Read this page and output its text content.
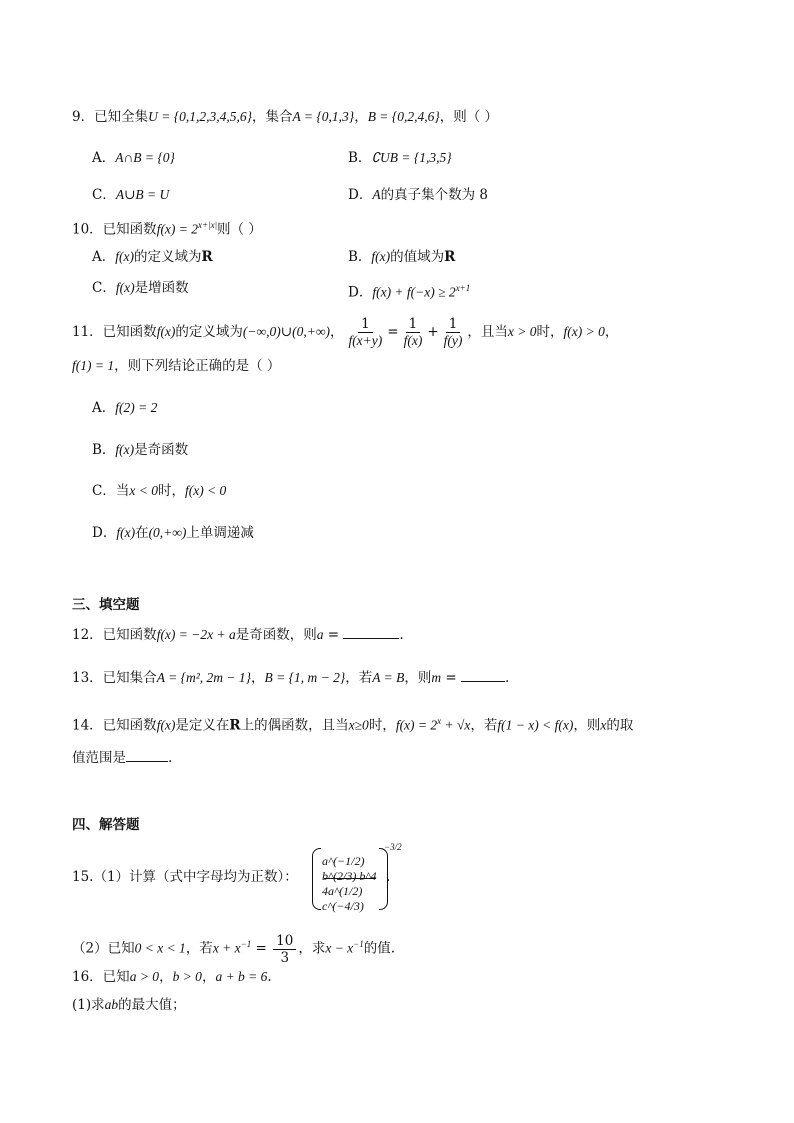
9．已知全集U = {0,1,2,3,4,5,6}，集合A = {0,1,3}，B = {0,2,4,6}，则（ ）
A．A∩B = {0}	B．∁UB = {1,3,5}
C．A∪B = U	D．A的真子集个数为 8
10．已知函数$f(x) = 2^{x+|x|}$则（ ）
A．f(x)的定义域为R	B．f(x)的值域为R
C．f(x)是增函数	D．$f(x) + f(-x) \ge 2^{x+1}$
11．已知函数f(x)的定义域为(−∞,0)∪(0,+∞)， $\frac{1}{f(x+y)} = \frac{1}{f(x)} + \frac{1}{f(y)}$ ，且当x > 0时，f(x) > 0，
f(1) = 1，则下列结论正确的是（ ）
A．f(2) = 2
B．f(x)是奇函数
C．当x < 0时，f(x) < 0
D．f(x)在(0,+∞)上单调递减
三、填空题
12．已知函数f(x) = −2x + a是奇函数，则a =	.
13．已知集合A = {m², 2m − 1}，B = {1, m − 2}，若A = B，则m =	.
14．已知函数f(x)是定义在R上的偶函数，且当x≥0时，$f(x) = 2^x + √x$，若f(1 − x) < f(x)，则x的取
值范围是	.
四、解答题
15.（1）计算（式中字母均为正数）：
a^(−1/2) b^(2/3) b^4
4a^(1/2) c^(−4/3)
−3/2
.
（2）已知0 < x < 1，若$x + x^{-1} = \frac{10}{3}$ ，求$x - x^{-1}$的值.
16．已知a > 0，b > 0，a + b = 6.
(1)求ab的最大值；
